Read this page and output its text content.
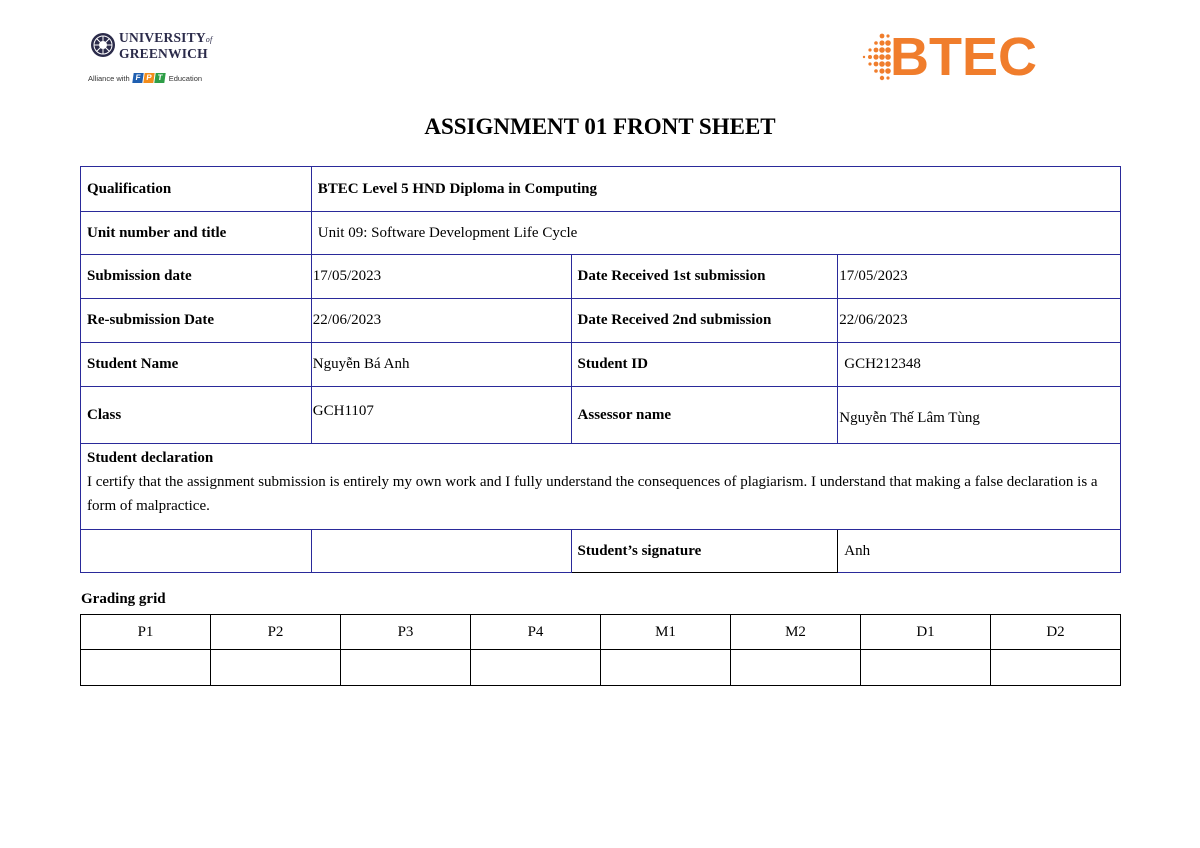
UNIVERSITYof
GREENWICH
Alliance with F P T Education	BTEC
ASSIGNMENT 01 FRONT SHEET
Qualification	BTEC Level 5 HND Diploma in Computing		
Unit number and title	Unit 09: Software Development Life Cycle		
Submission date	17/05/2023	Date Received 1st submission	17/05/2023
Re-submission Date	22/06/2023	Date Received 2nd submission	22/06/2023
Student Name	Nguyễn Bá Anh	Student ID	GCH212348
Class	GCH1107	Assessor name	Nguyễn Thế Lâm Tùng

Student declaration
I certify that the assignment submission is entirely my own work and I fully understand the consequences of plagiarism. I understand that making a false declaration is a form of malpractice.			

		Student’s signature	Anh
Grading grid
P1	P2	P3	P4	M1	M2	D1	D2
